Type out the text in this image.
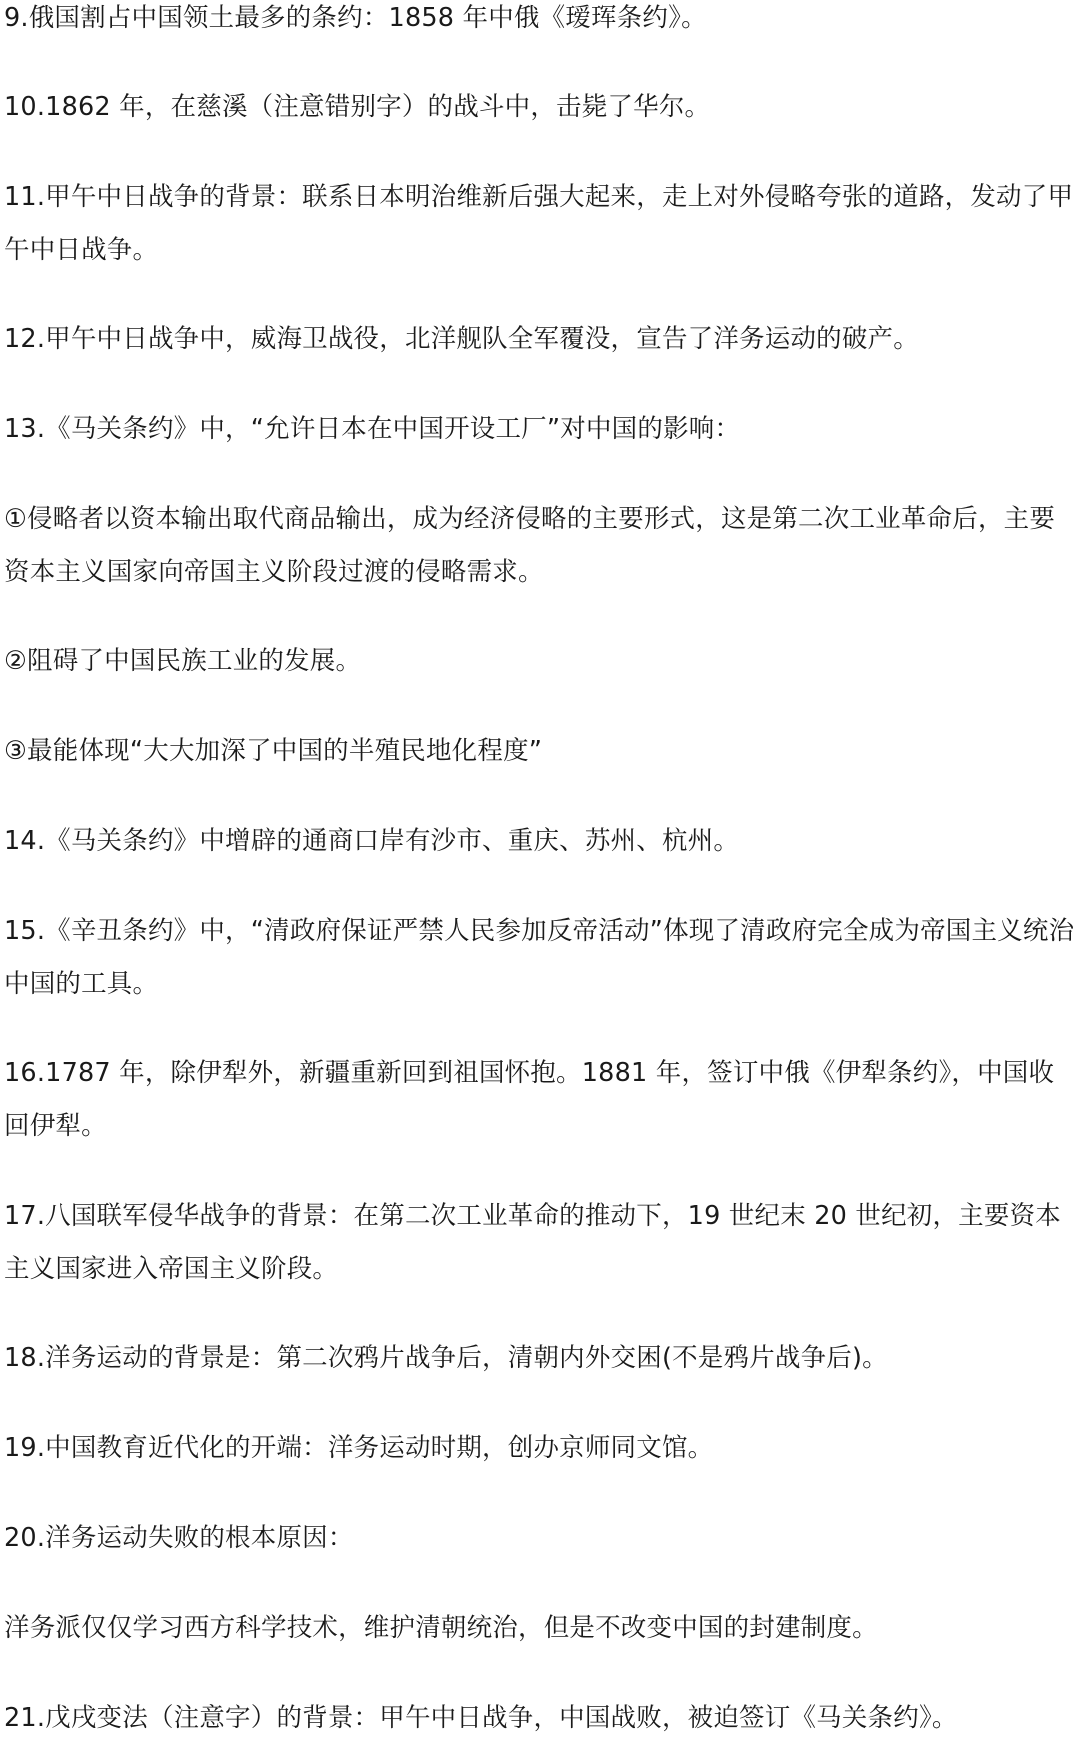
9.俄国割占中国领土最多的条约：1858 年中俄《瑷珲条约》。

10.1862 年，在慈溪（注意错别字）的战斗中，击毙了华尔。

11.甲午中日战争的背景：联系日本明治维新后强大起来，走上对外侵略夸张的道路，发动了甲午中日战争。

12.甲午中日战争中，威海卫战役，北洋舰队全军覆没，宣告了洋务运动的破产。

13.《马关条约》中，“允许日本在中国开设工厂”对中国的影响：

①侵略者以资本输出取代商品输出，成为经济侵略的主要形式，这是第二次工业革命后，主要资本主义国家向帝国主义阶段过渡的侵略需求。

②阻碍了中国民族工业的发展。

③最能体现“大大加深了中国的半殖民地化程度”

14.《马关条约》中增辟的通商口岸有沙市、重庆、苏州、杭州。

15.《辛丑条约》中，“清政府保证严禁人民参加反帝活动”体现了清政府完全成为帝国主义统治中国的工具。

16.1787 年，除伊犁外，新疆重新回到祖国怀抱。1881 年，签订中俄《伊犁条约》，中国收回伊犁。

17.八国联军侵华战争的背景：在第二次工业革命的推动下，19 世纪末 20 世纪初，主要资本主义国家进入帝国主义阶段。

18.洋务运动的背景是：第二次鸦片战争后，清朝内外交困(不是鸦片战争后)。

19.中国教育近代化的开端：洋务运动时期，创办京师同文馆。

20.洋务运动失败的根本原因：

洋务派仅仅学习西方科学技术，维护清朝统治，但是不改变中国的封建制度。

21.戊戌变法（注意字）的背景：甲午中日战争，中国战败，被迫签订《马关条约》。
